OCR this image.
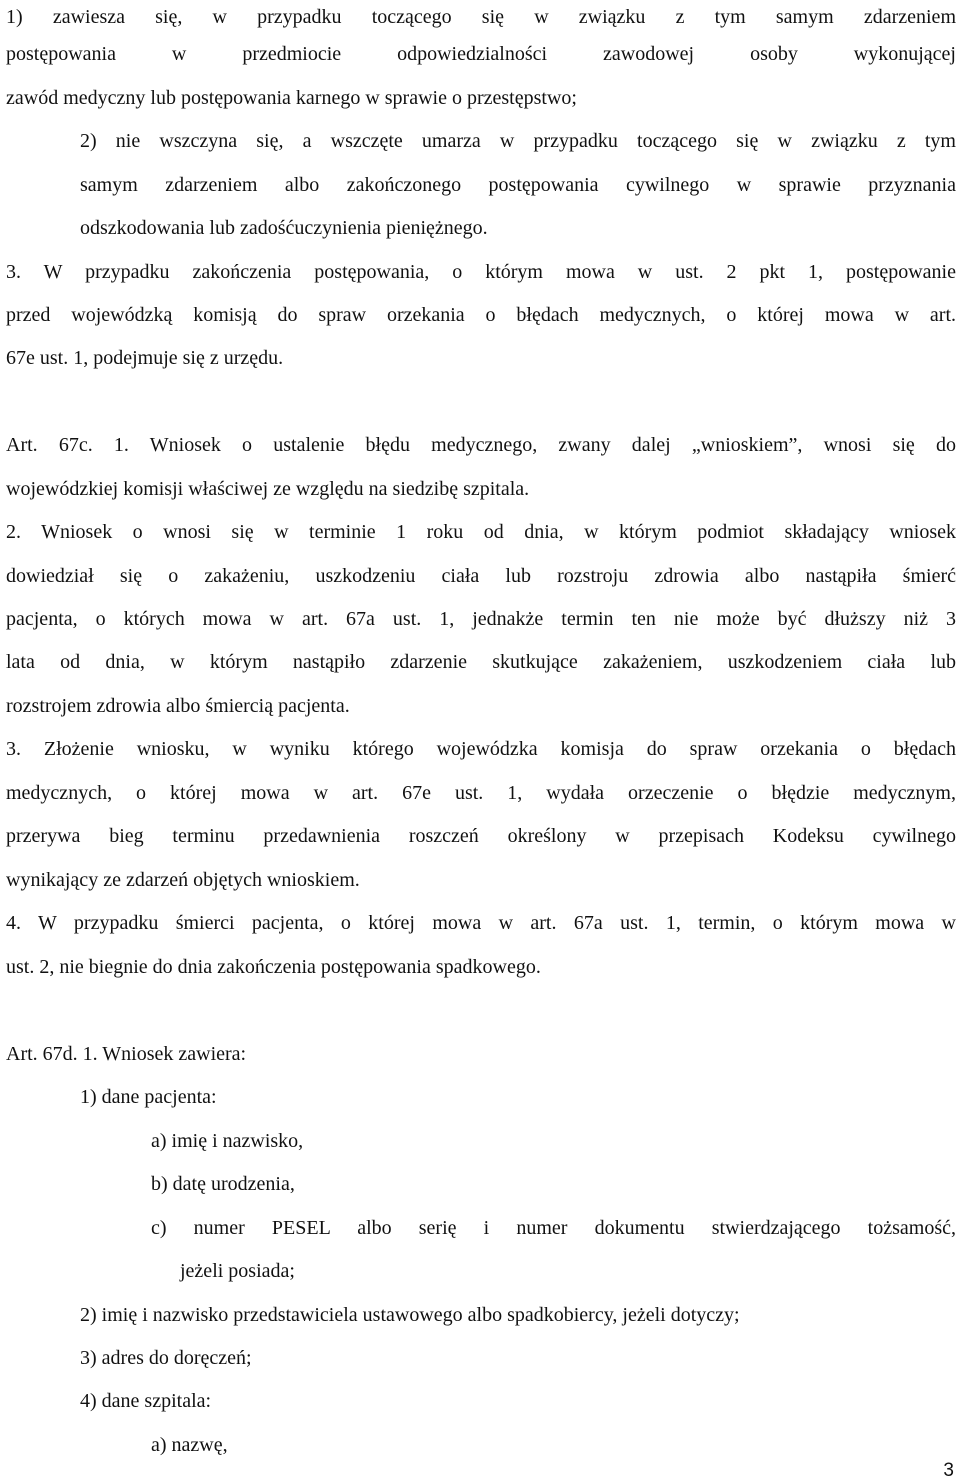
1) zawiesza się, w przypadku toczącego się w związku z tym samym zdarzeniem
postępowania w przedmiocie odpowiedzialności zawodowej osoby wykonującej
zawód medyczny lub postępowania karnego w sprawie o przestępstwo;
2) nie wszczyna się, a wszczęte umarza w przypadku toczącego się w związku z tym
samym zdarzeniem albo zakończonego postępowania cywilnego w sprawie przyznania
odszkodowania lub zadośćuczynienia pieniężnego.
3. W przypadku zakończenia postępowania, o którym mowa w ust. 2 pkt 1, postępowanie
przed wojewódzką komisją do spraw orzekania o błędach medycznych, o której mowa w art.
67e ust. 1, podejmuje się z urzędu.
Art. 67c. 1. Wniosek o ustalenie błędu medycznego, zwany dalej „wnioskiem”, wnosi się do
wojewódzkiej komisji właściwej ze względu na siedzibę szpitala.
2. Wniosek o wnosi się w terminie 1 roku od dnia, w którym podmiot składający wniosek
dowiedział się o zakażeniu, uszkodzeniu ciała lub rozstroju zdrowia albo nastąpiła śmierć
pacjenta, o których mowa w art. 67a ust. 1, jednakże termin ten nie może być dłuższy niż 3
lata od dnia, w którym nastąpiło zdarzenie skutkujące zakażeniem, uszkodzeniem ciała lub
rozstrojem zdrowia albo śmiercią pacjenta.
3. Złożenie wniosku, w wyniku którego wojewódzka komisja do spraw orzekania o błędach
medycznych, o której mowa w art. 67e ust. 1, wydała orzeczenie o błędzie medycznym,
przerywa bieg terminu przedawnienia roszczeń określony w przepisach Kodeksu cywilnego
wynikający ze zdarzeń objętych wnioskiem.
4. W przypadku śmierci pacjenta, o której mowa w art. 67a ust. 1, termin, o którym mowa w
ust. 2, nie biegnie do dnia zakończenia postępowania spadkowego.
Art. 67d. 1. Wniosek zawiera:
1) dane pacjenta:
a) imię i nazwisko,
b) datę urodzenia,
c) numer PESEL albo serię i numer dokumentu stwierdzającego tożsamość,
jeżeli posiada;
2) imię i nazwisko przedstawiciela ustawowego albo spadkobiercy, jeżeli dotyczy;
3) adres do doręczeń;
4) dane szpitala:
a) nazwę,
3
